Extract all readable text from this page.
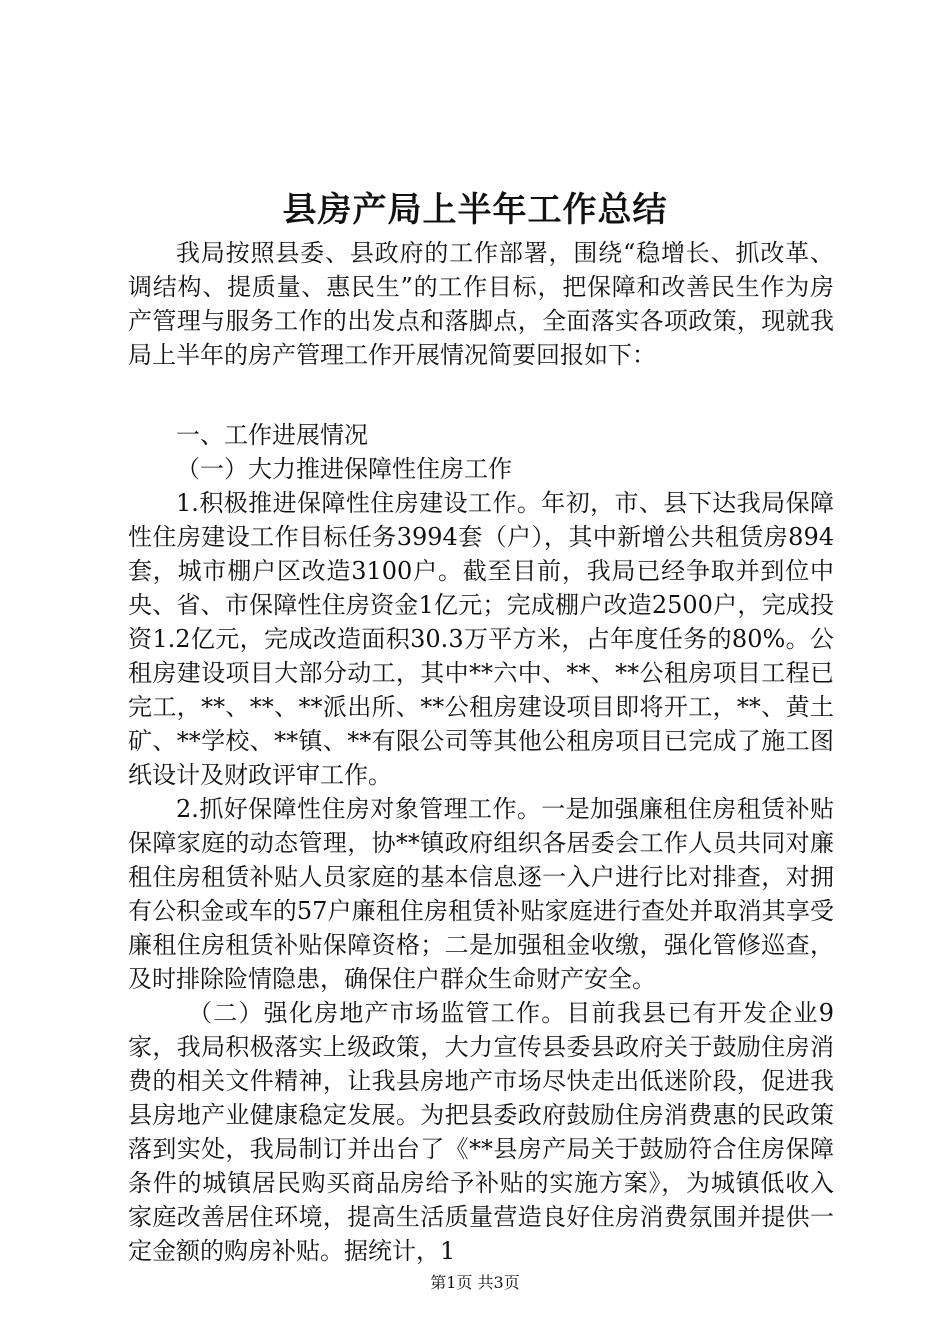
县房产局上半年工作总结

我局按照县委、县政府的工作部署，围绕“稳增长、抓改革、调结构、提质量、惠民生”的工作目标，把保障和改善民生作为房产管理与服务工作的出发点和落脚点，全面落实各项政策，现就我局上半年的房产管理工作开展情况简要回报如下：

一、工作进展情况

（一）大力推进保障性住房工作

1.积极推进保障性住房建设工作。年初，市、县下达我局保障性住房建设工作目标任务3994套（户），其中新增公共租赁房894套，城市棚户区改造3100户。截至目前，我局已经争取并到位中央、省、市保障性住房资金1亿元；完成棚户改造2500户，完成投资1.2亿元，完成改造面积30.3万平方米，占年度任务的80%。公租房建设项目大部分动工，其中**六中、**、**公租房项目工程已完工，**、**、**派出所、**公租房建设项目即将开工，**、黄土矿、**学校、**镇、**有限公司等其他公租房项目已完成了施工图纸设计及财政评审工作。

2.抓好保障性住房对象管理工作。一是加强廉租住房租赁补贴保障家庭的动态管理，协**镇政府组织各居委会工作人员共同对廉租住房租赁补贴人员家庭的基本信息逐一入户进行比对排查，对拥有公积金或车的57户廉租住房租赁补贴家庭进行查处并取消其享受廉租住房租赁补贴保障资格；二是加强租金收缴，强化管修巡查，及时排除险情隐患，确保住户群众生命财产安全。

（二）强化房地产市场监管工作。目前我县已有开发企业9家，我局积极落实上级政策，大力宣传县委县政府关于鼓励住房消费的相关文件精神，让我县房地产市场尽快走出低迷阶段，促进我县房地产业健康稳定发展。为把县委政府鼓励住房消费惠的民政策落到实处，我局制订并出台了《**县房产局关于鼓励符合住房保障条件的城镇居民购买商品房给予补贴的实施方案》，为城镇低收入家庭改善居住环境，提高生活质量营造良好住房消费氛围并提供一定金额的购房补贴。据统计，1

第1页 共3页
